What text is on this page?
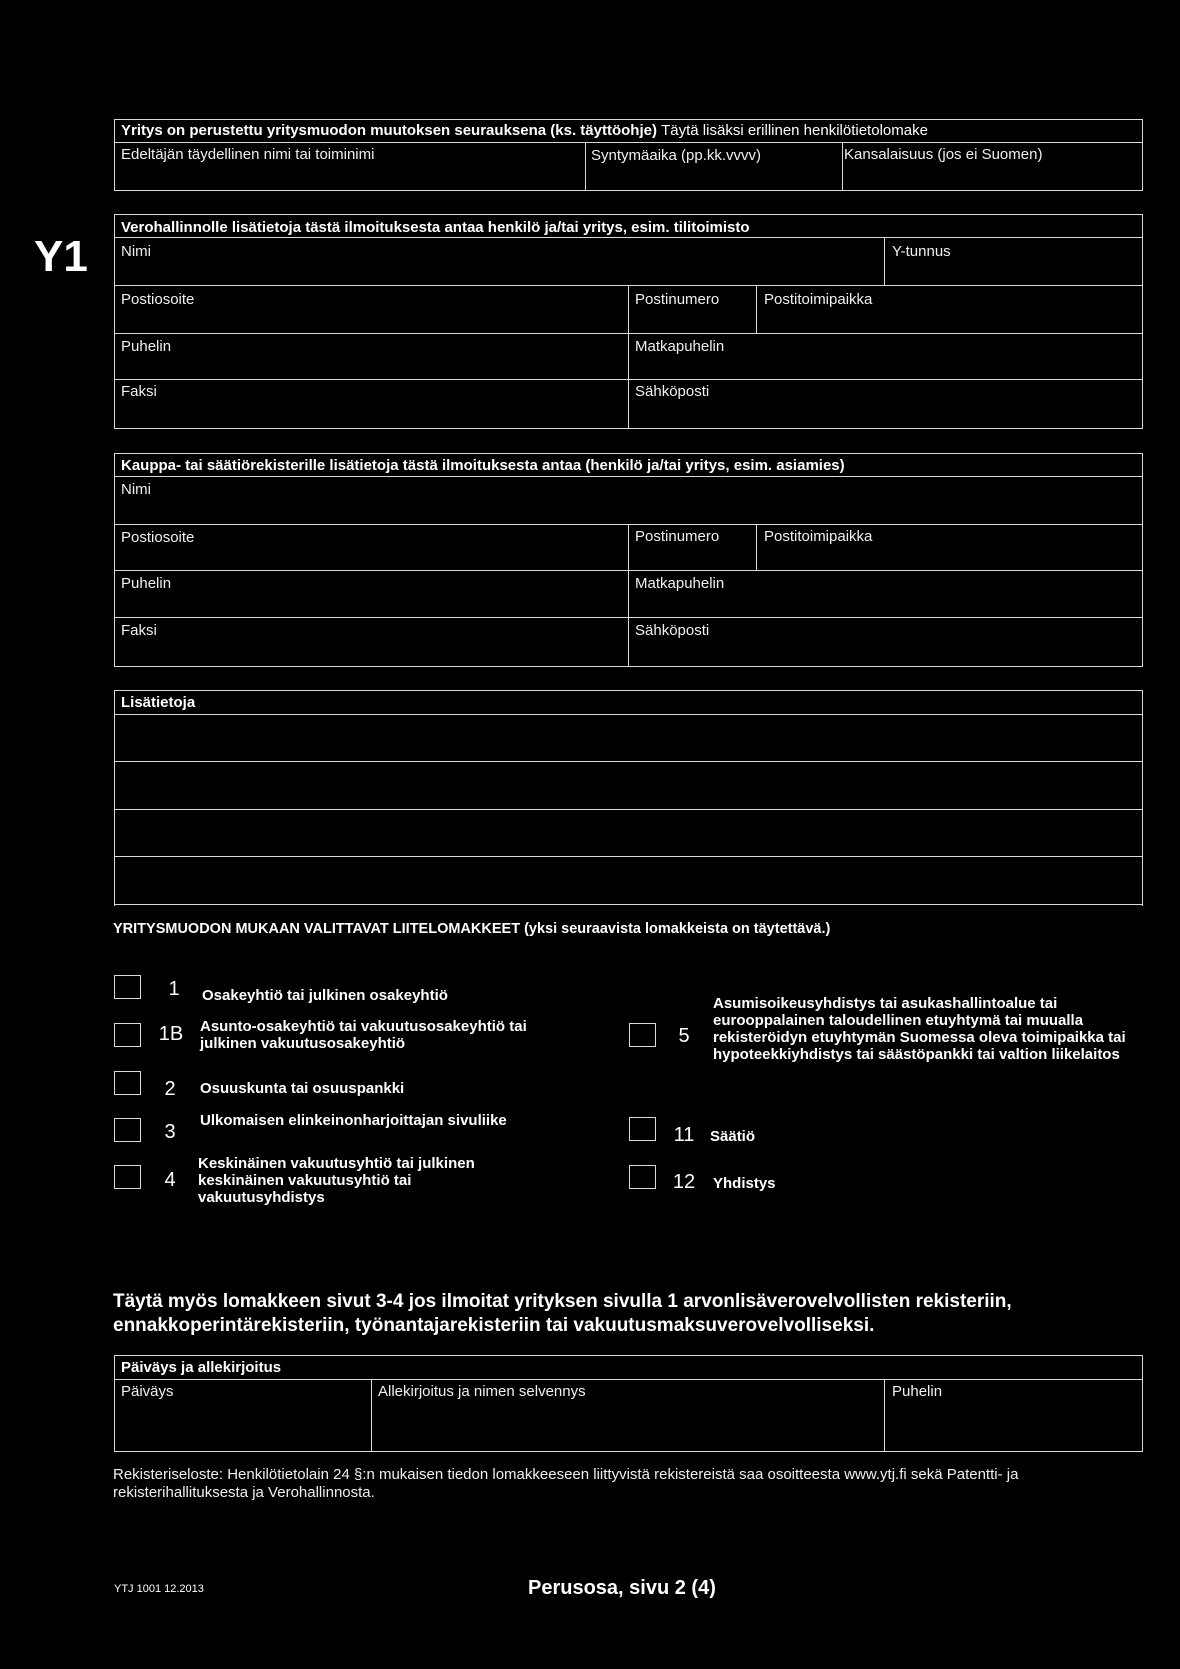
Yritys on perustettu yritysmuodon muutoksen seurauksena (ks. täyttöohje) Täytä lisäksi erillinen henkilötietolomake
Edeltäjän täydellinen nimi tai toiminimi	Syntymäaika (pp.kk.vvvv)	Kansalaisuus (jos ei Suomen)
Y1
Verohallinnolle lisätietoja tästä ilmoituksesta antaa henkilö ja/tai yritys, esim. tilitoimisto
Nimi	Y-tunnus
Postiosoite	Postinumero	Postitoimipaikka
Puhelin	Matkapuhelin
Faksi	Sähköposti
Kauppa- tai säätiörekisterille lisätietoja tästä ilmoituksesta antaa (henkilö ja/tai yritys, esim. asiamies)
Nimi
Postiosoite	Postinumero	Postitoimipaikka
Puhelin	Matkapuhelin
Faksi	Sähköposti
Lisätietoja
YRITYSMUODON MUKAAN VALITTAVAT LIITELOMAKKEET (yksi seuraavista lomakkeista on täytettävä.)
1	Osakeyhtiö tai julkinen osakeyhtiö
1B	Asunto-osakeyhtiö tai vakuutusosakeyhtiö tai julkinen vakuutusosakeyhtiö
2 Osuuskunta tai osuuspankki
3
Ulkomaisen elinkeinonharjoittajan sivuliike
4
Keskinäinen vakuutusyhtiö tai julkinen keskinäinen vakuutusyhtiö tai vakuutusyhdistys
5
Asumisoikeusyhdistys tai asukashallintoalue tai eurooppalainen taloudellinen etuyhtymä tai muualla rekisteröidyn etuyhtymän Suomessa oleva toimipaikka tai hypoteekkiyhdistys tai säästöpankki tai valtion liikelaitos
11	Säätiö
12 Yhdistys
Täytä myös lomakkeen sivut 3-4 jos ilmoitat yrityksen sivulla 1 arvonlisäverovelvollisten rekisteriin, ennakkoperintärekisteriin, työnantajarekisteriin tai vakuutusmaksuverovelvolliseksi.
Päiväys ja allekirjoitus
Päiväys	Allekirjoitus ja nimen selvennys	Puhelin
Rekisteriseloste: Henkilötietolain 24 §:n mukaisen tiedon lomakkeeseen liittyvistä rekistereistä saa osoitteesta www.ytj.fi sekä Patentti- ja rekisterihallituksesta ja Verohallinnosta.
YTJ 1001 12.2013	Perusosa, sivu 2 (4)
